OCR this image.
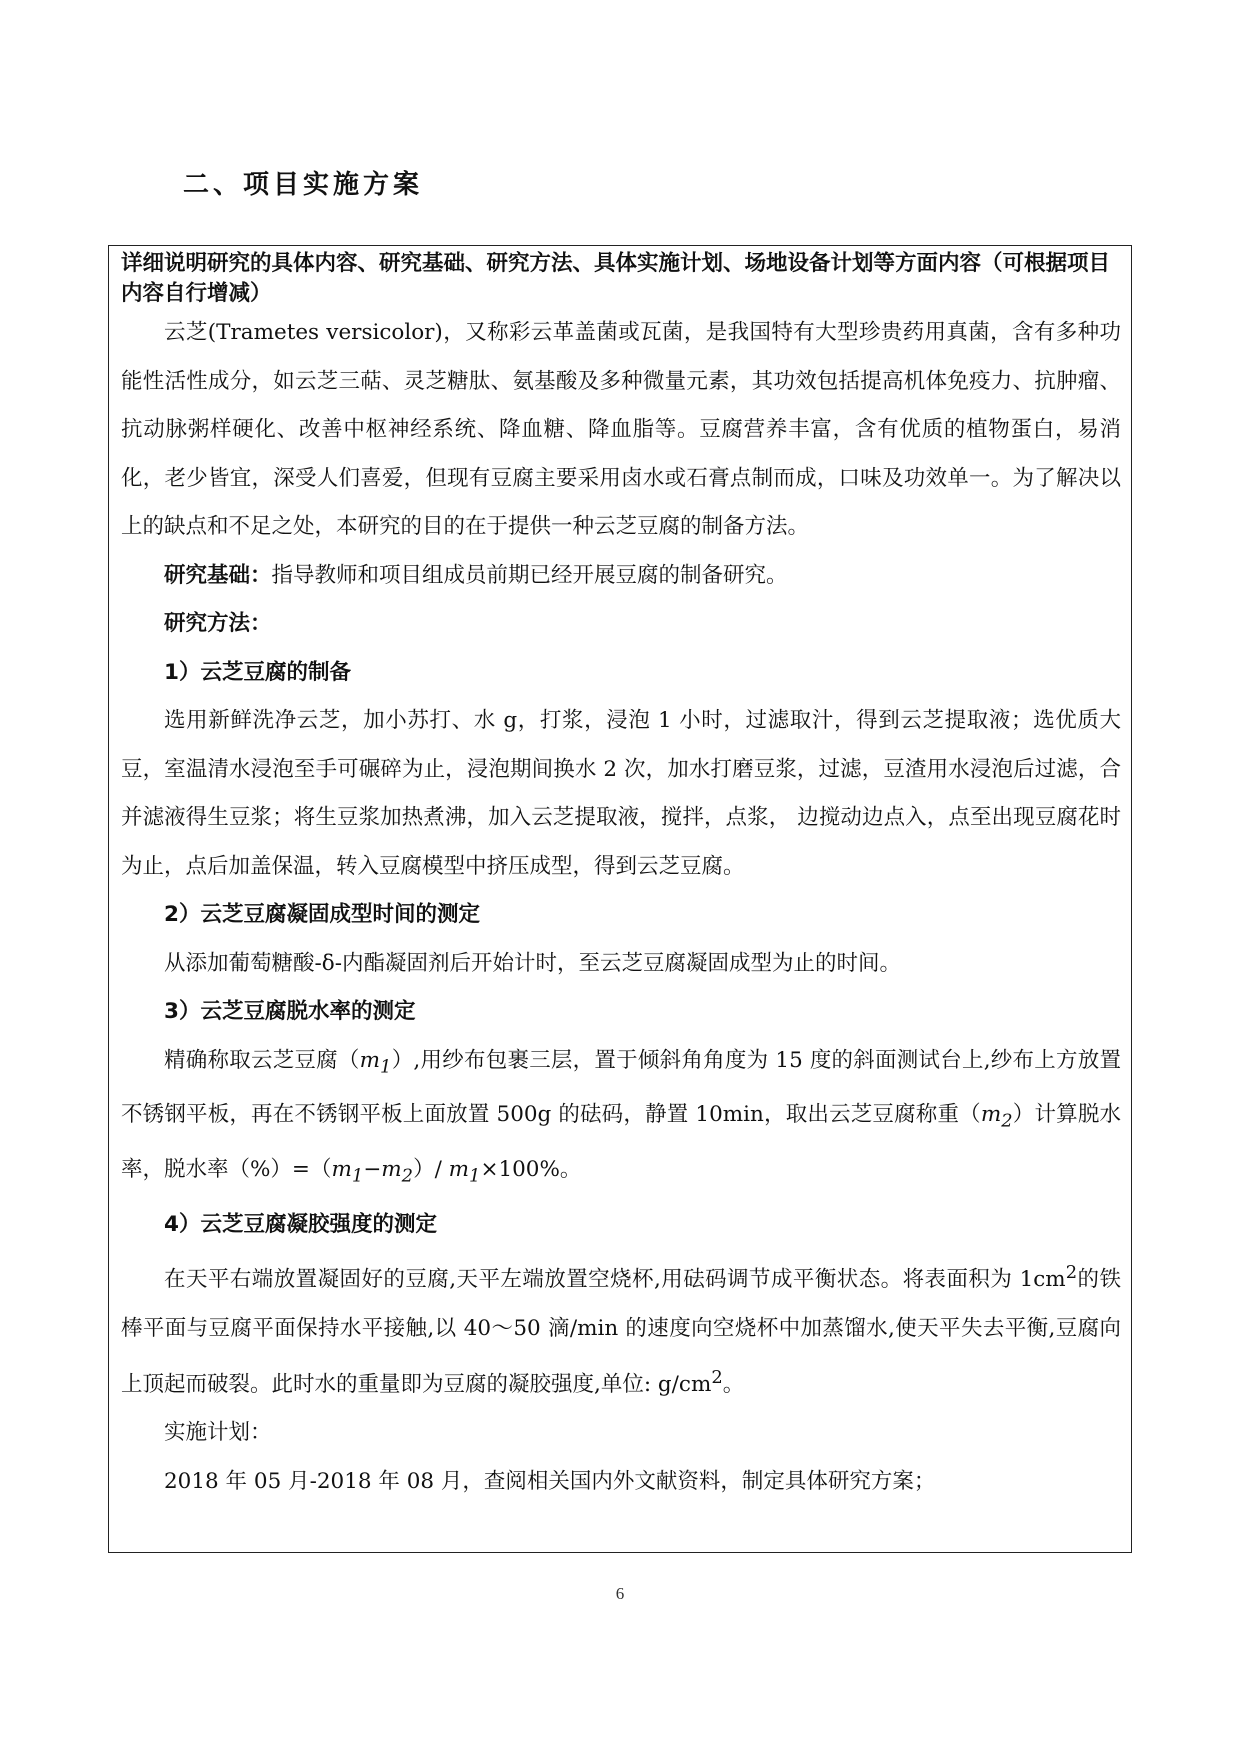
二、项目实施方案
详细说明研究的具体内容、研究基础、研究方法、具体实施计划、场地设备计划等方面内容（可根据项目内容自行增减）

云芝(Trametes versicolor)，又称彩云革盖菌或瓦菌，是我国特有大型珍贵药用真菌，含有多种功能性活性成分，如云芝三萜、灵芝糖肽、氨基酸及多种微量元素，其功效包括提高机体免疫力、抗肿瘤、抗动脉粥样硬化、改善中枢神经系统、降血糖、降血脂等。豆腐营养丰富，含有优质的植物蛋白，易消化，老少皆宜，深受人们喜爱，但现有豆腐主要采用卤水或石膏点制而成，口味及功效单一。为了解决以上的缺点和不足之处，本研究的目的在于提供一种云芝豆腐的制备方法。

研究基础：指导教师和项目组成员前期已经开展豆腐的制备研究。

研究方法：

1）云芝豆腐的制备

选用新鲜洗净云芝，加小苏打、水 g，打浆，浸泡 1 小时，过滤取汁，得到云芝提取液；选优质大豆，室温清水浸泡至手可碾碎为止，浸泡期间换水 2 次，加水打磨豆浆，过滤，豆渣用水浸泡后过滤，合并滤液得生豆浆；将生豆浆加热煮沸，加入云芝提取液，搅拌，点浆， 边搅动边点入，点至出现豆腐花时为止，点后加盖保温，转入豆腐模型中挤压成型，得到云芝豆腐。

2）云芝豆腐凝固成型时间的测定

从添加葡萄糖酸-δ-内酯凝固剂后开始计时，至云芝豆腐凝固成型为止的时间。

3）云芝豆腐脱水率的测定

精确称取云芝豆腐$(m_1)$,用纱布包裹三层，置于倾斜角角度为 15 度的斜面测试台上,纱布上方放置不锈钢平板，再在不锈钢平板上面放置 500g 的砝码，静置 10min，取出云芝豆腐称重$(m_2)$计算脱水率，脱水率$(\%)=(m_1-m_2)/$ $m_1\times 100\%$。

4）云芝豆腐凝胶强度的测定

在天平右端放置凝固好的豆腐,天平左端放置空烧杯,用砝码调节成平衡状态。将表面积为 $1cm^2$的铁棒平面与豆腐平面保持水平接触,以 40～50 滴/min 的速度向空烧杯中加蒸馏水,使天平失去平衡,豆腐向上顶起而破裂。此时水的重量即为豆腐的凝胶强度,单位: $g/cm^2$。

实施计划：

2018 年 05 月-2018 年 08 月，查阅相关国内外文献资料，制定具体研究方案；

6
